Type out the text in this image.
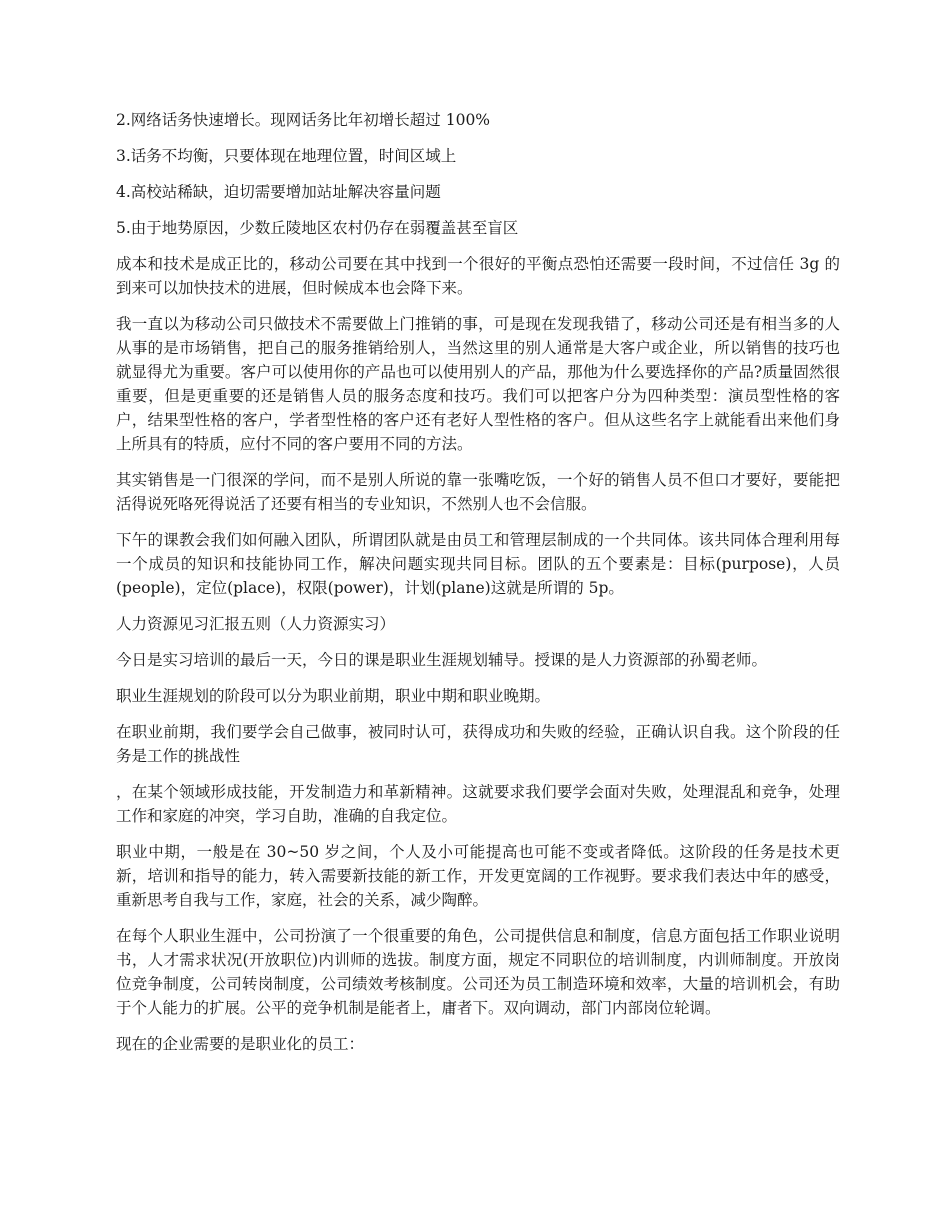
2.网络话务快速增长。现网话务比年初增长超过 100%

3.话务不均衡，只要体现在地理位置，时间区域上

4.高校站稀缺，迫切需要增加站址解决容量问题

5.由于地势原因，少数丘陵地区农村仍存在弱覆盖甚至盲区

成本和技术是成正比的，移动公司要在其中找到一个很好的平衡点恐怕还需要一段时间，不过信任 3g 的到来可以加快技术的进展，但时候成本也会降下来。

我一直以为移动公司只做技术不需要做上门推销的事，可是现在发现我错了，移动公司还是有相当多的人从事的是市场销售，把自己的服务推销给别人，当然这里的别人通常是大客户或企业，所以销售的技巧也就显得尤为重要。客户可以使用你的产品也可以使用别人的产品，那他为什么要选择你的产品?质量固然很重要，但是更重要的还是销售人员的服务态度和技巧。我们可以把客户分为四种类型：演员型性格的客户，结果型性格的客户，学者型性格的客户还有老好人型性格的客户。但从这些名字上就能看出来他们身上所具有的特质，应付不同的客户要用不同的方法。

其实销售是一门很深的学问，而不是别人所说的靠一张嘴吃饭，一个好的销售人员不但口才要好，要能把活得说死咯死得说活了还要有相当的专业知识，不然别人也不会信服。

下午的课教会我们如何融入团队，所谓团队就是由员工和管理层制成的一个共同体。该共同体合理利用每一个成员的知识和技能协同工作，解决问题实现共同目标。团队的五个要素是：目标(purpose)，人员(people)，定位(place)，权限(power)，计划(plane)这就是所谓的 5p。

人力资源见习汇报五则（人力资源实习）

今日是实习培训的最后一天，今日的课是职业生涯规划辅导。授课的是人力资源部的孙蜀老师。

职业生涯规划的阶段可以分为职业前期，职业中期和职业晚期。

在职业前期，我们要学会自己做事，被同时认可，获得成功和失败的经验，正确认识自我。这个阶段的任务是工作的挑战性

，在某个领域形成技能，开发制造力和革新精神。这就要求我们要学会面对失败，处理混乱和竞争，处理工作和家庭的冲突，学习自助，准确的自我定位。

职业中期，一般是在 30~50 岁之间，个人及小可能提高也可能不变或者降低。这阶段的任务是技术更新，培训和指导的能力，转入需要新技能的新工作，开发更宽阔的工作视野。要求我们表达中年的感受，重新思考自我与工作，家庭，社会的关系，减少陶醉。

在每个人职业生涯中，公司扮演了一个很重要的角色，公司提供信息和制度，信息方面包括工作职业说明书，人才需求状况(开放职位)内训师的选拔。制度方面，规定不同职位的培训制度，内训师制度。开放岗位竞争制度，公司转岗制度，公司绩效考核制度。公司还为员工制造环境和效率，大量的培训机会，有助于个人能力的扩展。公平的竞争机制是能者上，庸者下。双向调动，部门内部岗位轮调。

现在的企业需要的是职业化的员工：
